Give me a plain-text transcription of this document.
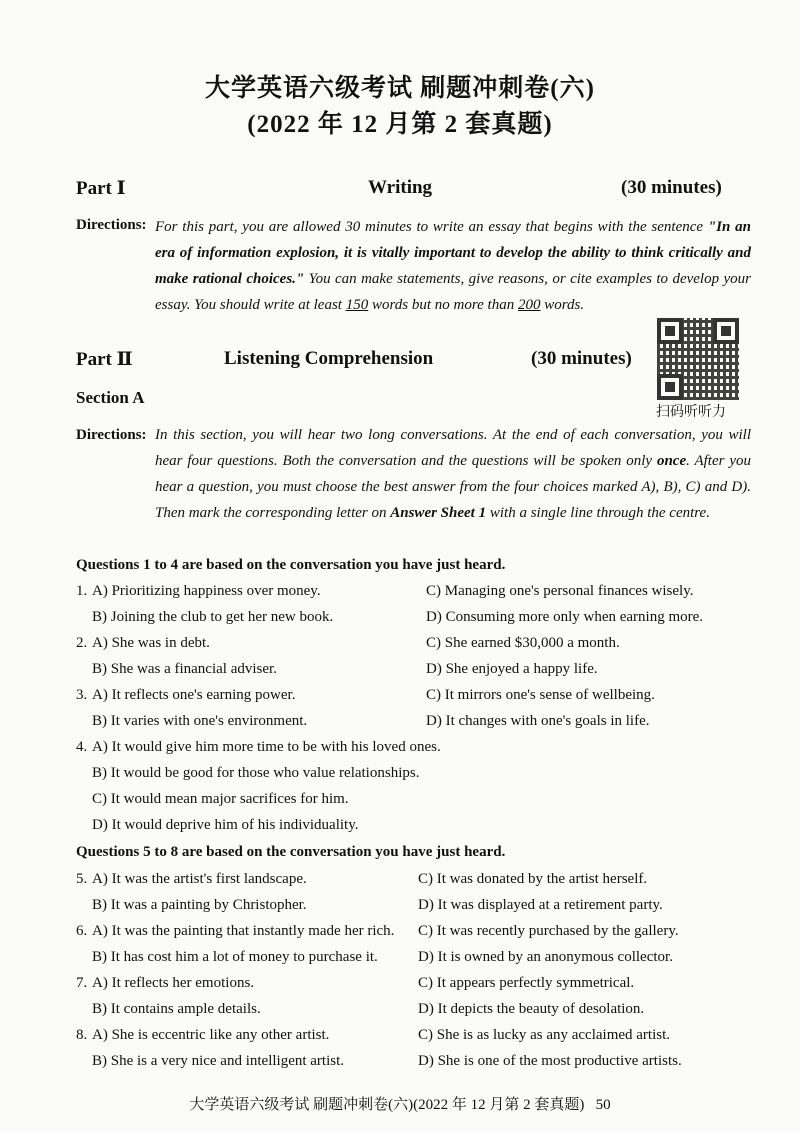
大学英语六级考试 刷题冲刺卷(六)
(2022 年 12 月第 2 套真题)
Part Ⅰ	Writing	(30 minutes)
Directions: For this part, you are allowed 30 minutes to write an essay that begins with the sentence "In an era of information explosion, it is vitally important to develop the ability to think critically and make rational choices." You can make statements, give reasons, or cite examples to develop your essay. You should write at least 150 words but no more than 200 words.
Part Ⅱ	Listening Comprehension	(30 minutes)
扫码听听力
Section A
Directions: In this section, you will hear two long conversations. At the end of each conversation, you will hear four questions. Both the conversation and the questions will be spoken only once. After you hear a question, you must choose the best answer from the four choices marked A), B), C) and D). Then mark the corresponding letter on Answer Sheet 1 with a single line through the centre.
Questions 1 to 4 are based on the conversation you have just heard.
1. A) Prioritizing happiness over money.	C) Managing one's personal finances wisely.
B) Joining the club to get her new book.	D) Consuming more only when earning more.
2. A) She was in debt.	C) She earned $30,000 a month.
B) She was a financial adviser.	D) She enjoyed a happy life.
3. A) It reflects one's earning power.	C) It mirrors one's sense of wellbeing.
B) It varies with one's environment.	D) It changes with one's goals in life.
4. A) It would give him more time to be with his loved ones.
B) It would be good for those who value relationships.
C) It would mean major sacrifices for him.
D) It would deprive him of his individuality.
Questions 5 to 8 are based on the conversation you have just heard.
5. A) It was the artist's first landscape.	C) It was donated by the artist herself.
B) It was a painting by Christopher.	D) It was displayed at a retirement party.
6. A) It was the painting that instantly made her rich. C) It was recently purchased by the gallery.
B) It has cost him a lot of money to purchase it.	D) It is owned by an anonymous collector.
7. A) It reflects her emotions.	C) It appears perfectly symmetrical.
B) It contains ample details.	D) It depicts the beauty of desolation.
8. A) She is eccentric like any other artist.	C) She is as lucky as any acclaimed artist.
B) She is a very nice and intelligent artist.	D) She is one of the most productive artists.
大学英语六级考试 刷题冲刺卷(六)(2022 年 12 月第 2 套真题) 50
